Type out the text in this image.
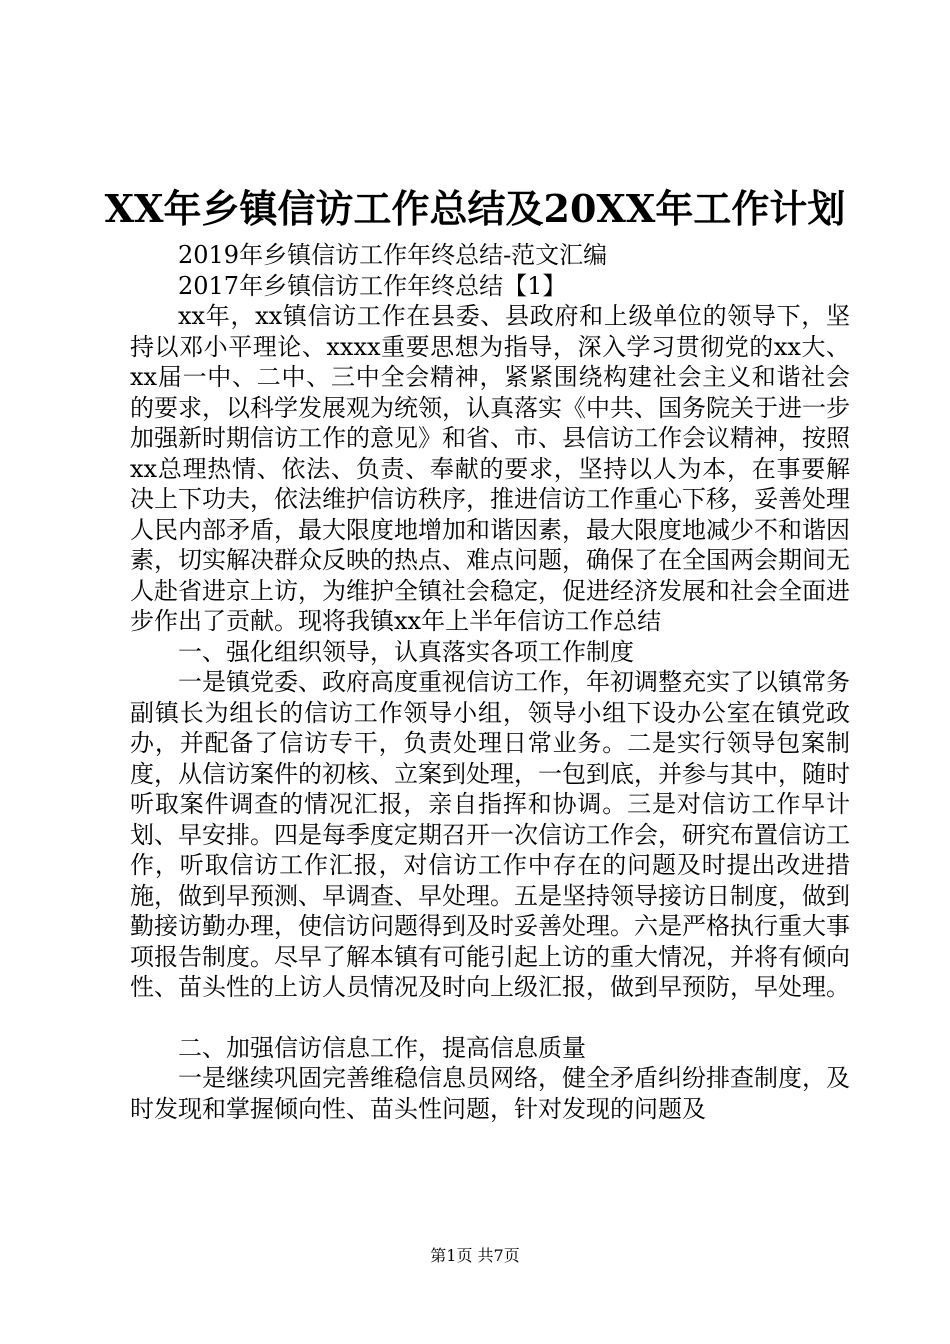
XX年乡镇信访工作总结及20XX年工作计划

2019年乡镇信访工作年终总结-范文汇编

2017年乡镇信访工作年终总结【1】

xx年，xx镇信访工作在县委、县政府和上级单位的领导下，坚持以邓小平理论、xxxx重要思想为指导，深入学习贯彻党的xx大、xx届一中、二中、三中全会精神，紧紧围绕构建社会主义和谐社会的要求，以科学发展观为统领，认真落实《中共、国务院关于进一步加强新时期信访工作的意见》和省、市、县信访工作会议精神，按照xx总理热情、依法、负责、奉献的要求，坚持以人为本，在事要解决上下功夫，依法维护信访秩序，推进信访工作重心下移，妥善处理人民内部矛盾，最大限度地增加和谐因素，最大限度地减少不和谐因素，切实解决群众反映的热点、难点问题，确保了在全国两会期间无人赴省进京上访，为维护全镇社会稳定，促进经济发展和社会全面进步作出了贡献。现将我镇xx年上半年信访工作总结

一、强化组织领导，认真落实各项工作制度

一是镇党委、政府高度重视信访工作，年初调整充实了以镇常务副镇长为组长的信访工作领导小组，领导小组下设办公室在镇党政办，并配备了信访专干，负责处理日常业务。二是实行领导包案制度，从信访案件的初核、立案到处理，一包到底，并参与其中，随时听取案件调查的情况汇报，亲自指挥和协调。三是对信访工作早计划、早安排。四是每季度定期召开一次信访工作会，研究布置信访工作，听取信访工作汇报，对信访工作中存在的问题及时提出改进措施，做到早预测、早调查、早处理。五是坚持领导接访日制度，做到勤接访勤办理，使信访问题得到及时妥善处理。六是严格执行重大事项报告制度。尽早了解本镇有可能引起上访的重大情况，并将有倾向性、苗头性的上访人员情况及时向上级汇报，做到早预防，早处理。

二、加强信访信息工作，提高信息质量

一是继续巩固完善维稳信息员网络，健全矛盾纠纷排查制度，及时发现和掌握倾向性、苗头性问题，针对发现的问题及

第1页 共7页
